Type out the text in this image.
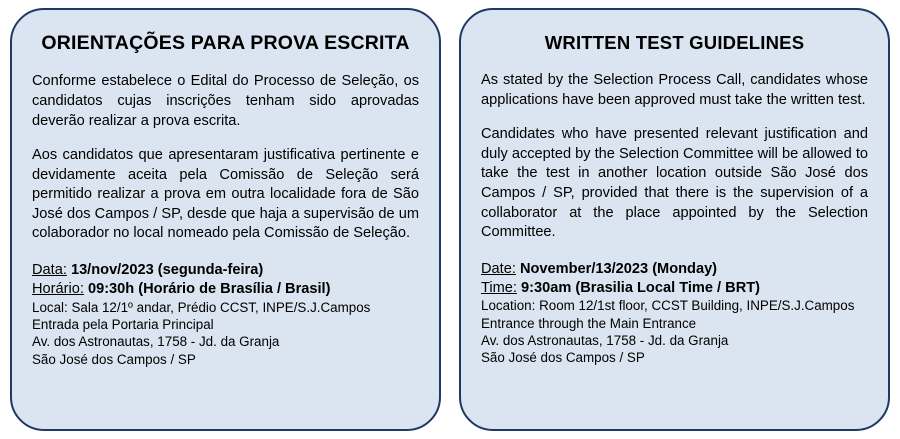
ORIENTAÇÕES PARA PROVA ESCRITA

Conforme estabelece o Edital do Processo de Seleção, os candidatos cujas inscrições tenham sido aprovadas deverão realizar a prova escrita.

Aos candidatos que apresentaram justificativa pertinente e devidamente aceita pela Comissão de Seleção será permitido realizar a prova em outra localidade fora de São José dos Campos / SP, desde que haja a supervisão de um colaborador no local nomeado pela Comissão de Seleção.

Data: 13/nov/2023 (segunda-feira)
Horário: 09:30h (Horário de Brasília / Brasil)
Local: Sala 12/1º andar, Prédio CCST, INPE/S.J.Campos
Entrada pela Portaria Principal
Av. dos Astronautas, 1758 - Jd. da Granja
São José dos Campos / SP
WRITTEN TEST GUIDELINES

As stated by the Selection Process Call, candidates whose applications have been approved must take the written test.

Candidates who have presented relevant justification and duly accepted by the Selection Committee will be allowed to take the test in another location outside São José dos Campos / SP, provided that there is the supervision of a collaborator at the place appointed by the Selection Committee.

Date: November/13/2023 (Monday)
Time: 9:30am (Brasilia Local Time / BRT)
Location: Room 12/1st floor, CCST Building, INPE/S.J.Campos
Entrance through the Main Entrance
Av. dos Astronautas, 1758 - Jd. da Granja
São José dos Campos / SP
